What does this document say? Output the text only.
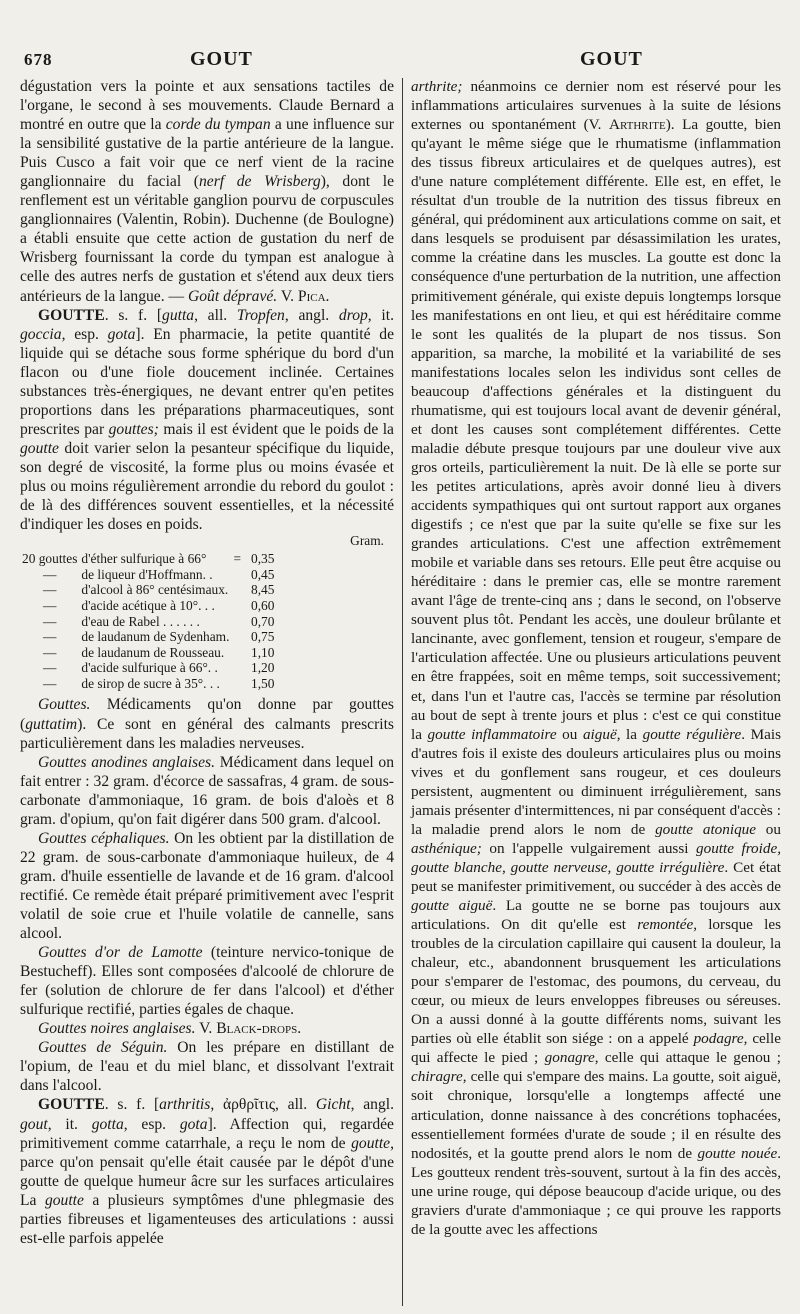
678	GOUT	GOUT

dégustation vers la pointe et aux sensations tactiles de l'organe, le second à ses mouvements. Claude Bernard a montré en outre que la corde du tympan a une influence sur la sensibilité gustative de la partie antérieure de la langue. Puis Cusco a fait voir que ce nerf vient de la racine ganglionnaire du facial (nerf de Wrisberg), dont le renflement est un véritable ganglion pourvu de corpuscules ganglionnaires (Valentin, Robin). Duchenne (de Boulogne) a établi ensuite que cette action de gustation du nerf de Wrisberg fournissant la corde du tympan est analogue à celle des autres nerfs de gustation et s'étend aux deux tiers antérieurs de la langue. — Goût dépravé. V. Pica.

GOUTTE. s. f. [gutta, all. Tropfen, angl. drop, it. goccia, esp. gota]. En pharmacie, la petite quantité de liquide qui se détache sous forme sphérique du bord d'un flacon ou d'une fiole doucement inclinée. Certaines substances très-énergiques, ne devant entrer qu'en petites proportions dans les préparations pharmaceutiques, sont prescrites par gouttes; mais il est évident que le poids de la goutte doit varier selon la pesanteur spécifique du liquide, son degré de viscosité, la forme plus ou moins évasée et plus ou moins régulièrement arrondie du rebord du goulot : de là des différences souvent essentielles, et la nécessité d'indiquer les doses en poids.

Gram.
20 gouttes	d'éther sulfurique à 66°	=	0,35
—	de liqueur d'Hoffmann. .		0,45
—	d'alcool à 86° centésimaux.		8,45
—	d'acide acétique à 10°. . .		0,60
—	d'eau de Rabel . . . . . .		0,70
—	de laudanum de Sydenham.		0,75
—	de laudanum de Rousseau.		1,10
—	d'acide sulfurique à 66°. .		1,20
—	de sirop de sucre à 35°. . .		1,50

Gouttes. Médicaments qu'on donne par gouttes (guttatim). Ce sont en général des calmants prescrits particulièrement dans les maladies nerveuses.

Gouttes anodines anglaises. Médicament dans lequel on fait entrer : 32 gram. d'écorce de sassafras, 4 gram. de sous-carbonate d'ammoniaque, 16 gram. de bois d'aloès et 8 gram. d'opium, qu'on fait digérer dans 500 gram. d'alcool.

Gouttes céphaliques. On les obtient par la distillation de 22 gram. de sous-carbonate d'ammoniaque huileux, de 4 gram. d'huile essentielle de lavande et de 16 gram. d'alcool rectifié. Ce remède était préparé primitivement avec l'esprit volatil de soie crue et l'huile volatile de cannelle, sans alcool.

Gouttes d'or de Lamotte (teinture nervico-tonique de Bestucheff). Elles sont composées d'alcoolé de chlorure de fer (solution de chlorure de fer dans l'alcool) et d'éther sulfurique rectifié, parties égales de chaque.

Gouttes noires anglaises. V. Black-drops.

Gouttes de Séguin. On les prépare en distillant de l'opium, de l'eau et du miel blanc, et dissolvant l'extrait dans l'alcool.

GOUTTE. s. f. [arthritis, ἀρθρῖτις, all. Gicht, angl. gout, it. gotta, esp. gota]. Affection qui, regardée primitivement comme catarrhale, a reçu le nom de goutte, parce qu'on pensait qu'elle était causée par le dépôt d'une goutte de quelque humeur âcre sur les surfaces articulaires La goutte a plusieurs symptômes d'une phlegmasie des parties fibreuses et ligamenteuses des articulations : aussi est-elle parfois appelée

arthrite; néanmoins ce dernier nom est réservé pour les inflammations articulaires survenues à la suite de lésions externes ou spontanément (V. Arthrite). La goutte, bien qu'ayant le même siége que le rhumatisme (inflammation des tissus fibreux articulaires et de quelques autres), est d'une nature complétement différente. Elle est, en effet, le résultat d'un trouble de la nutrition des tissus fibreux en général, qui prédominent aux articulations comme on sait, et dans lesquels se produisent par désassimilation les urates, comme la créatine dans les muscles. La goutte est donc la conséquence d'une perturbation de la nutrition, une affection primitivement générale, qui existe depuis longtemps lorsque les manifestations en ont lieu, et qui est héréditaire comme le sont les qualités de la plupart de nos tissus. Son apparition, sa marche, la mobilité et la variabilité de ses manifestations locales selon les individus sont celles de beaucoup d'affections générales et la distinguent du rhumatisme, qui est toujours local avant de devenir général, et dont les causes sont complétement différentes. Cette maladie débute presque toujours par une douleur vive aux gros orteils, particulièrement la nuit. De là elle se porte sur les petites articulations, après avoir donné lieu à divers accidents sympathiques qui ont surtout rapport aux organes digestifs ; ce n'est que par la suite qu'elle se fixe sur les grandes articulations. C'est une affection extrêmement mobile et variable dans ses retours. Elle peut être acquise ou héréditaire : dans le premier cas, elle se montre rarement avant l'âge de trente-cinq ans ; dans le second, on l'observe souvent plus tôt. Pendant les accès, une douleur brûlante et lancinante, avec gonflement, tension et rougeur, s'empare de l'articulation affectée. Une ou plusieurs articulations peuvent en être frappées, soit en même temps, soit successivement; et, dans l'un et l'autre cas, l'accès se termine par résolution au bout de sept à trente jours et plus : c'est ce qui constitue la goutte inflammatoire ou aiguë, la goutte régulière. Mais d'autres fois il existe des douleurs articulaires plus ou moins vives et du gonflement sans rougeur, et ces douleurs persistent, augmentent ou diminuent irrégulièrement, sans jamais présenter d'intermittences, ni par conséquent d'accès : la maladie prend alors le nom de goutte atonique ou asthénique; on l'appelle vulgairement aussi goutte froide, goutte blanche, goutte nerveuse, goutte irrégulière. Cet état peut se manifester primitivement, ou succéder à des accès de goutte aiguë. La goutte ne se borne pas toujours aux articulations. On dit qu'elle est remontée, lorsque les troubles de la circulation capillaire qui causent la douleur, la chaleur, etc., abandonnent brusquement les articulations pour s'emparer de l'estomac, des poumons, du cerveau, du cœur, ou mieux de leurs enveloppes fibreuses ou séreuses. On a aussi donné à la goutte différents noms, suivant les parties où elle établit son siége : on a appelé podagre, celle qui affecte le pied ; gonagre, celle qui attaque le genou ; chiragre, celle qui s'empare des mains. La goutte, soit aiguë, soit chronique, lorsqu'elle a longtemps affecté une articulation, donne naissance à des concrétions tophacées, essentiellement formées d'urate de soude ; il en résulte des nodosités, et la goutte prend alors le nom de goutte nouée. Les goutteux rendent très-souvent, surtout à la fin des accès, une urine rouge, qui dépose beaucoup d'acide urique, ou des graviers d'urate d'ammoniaque ; ce qui prouve les rapports de la goutte avec les affections
